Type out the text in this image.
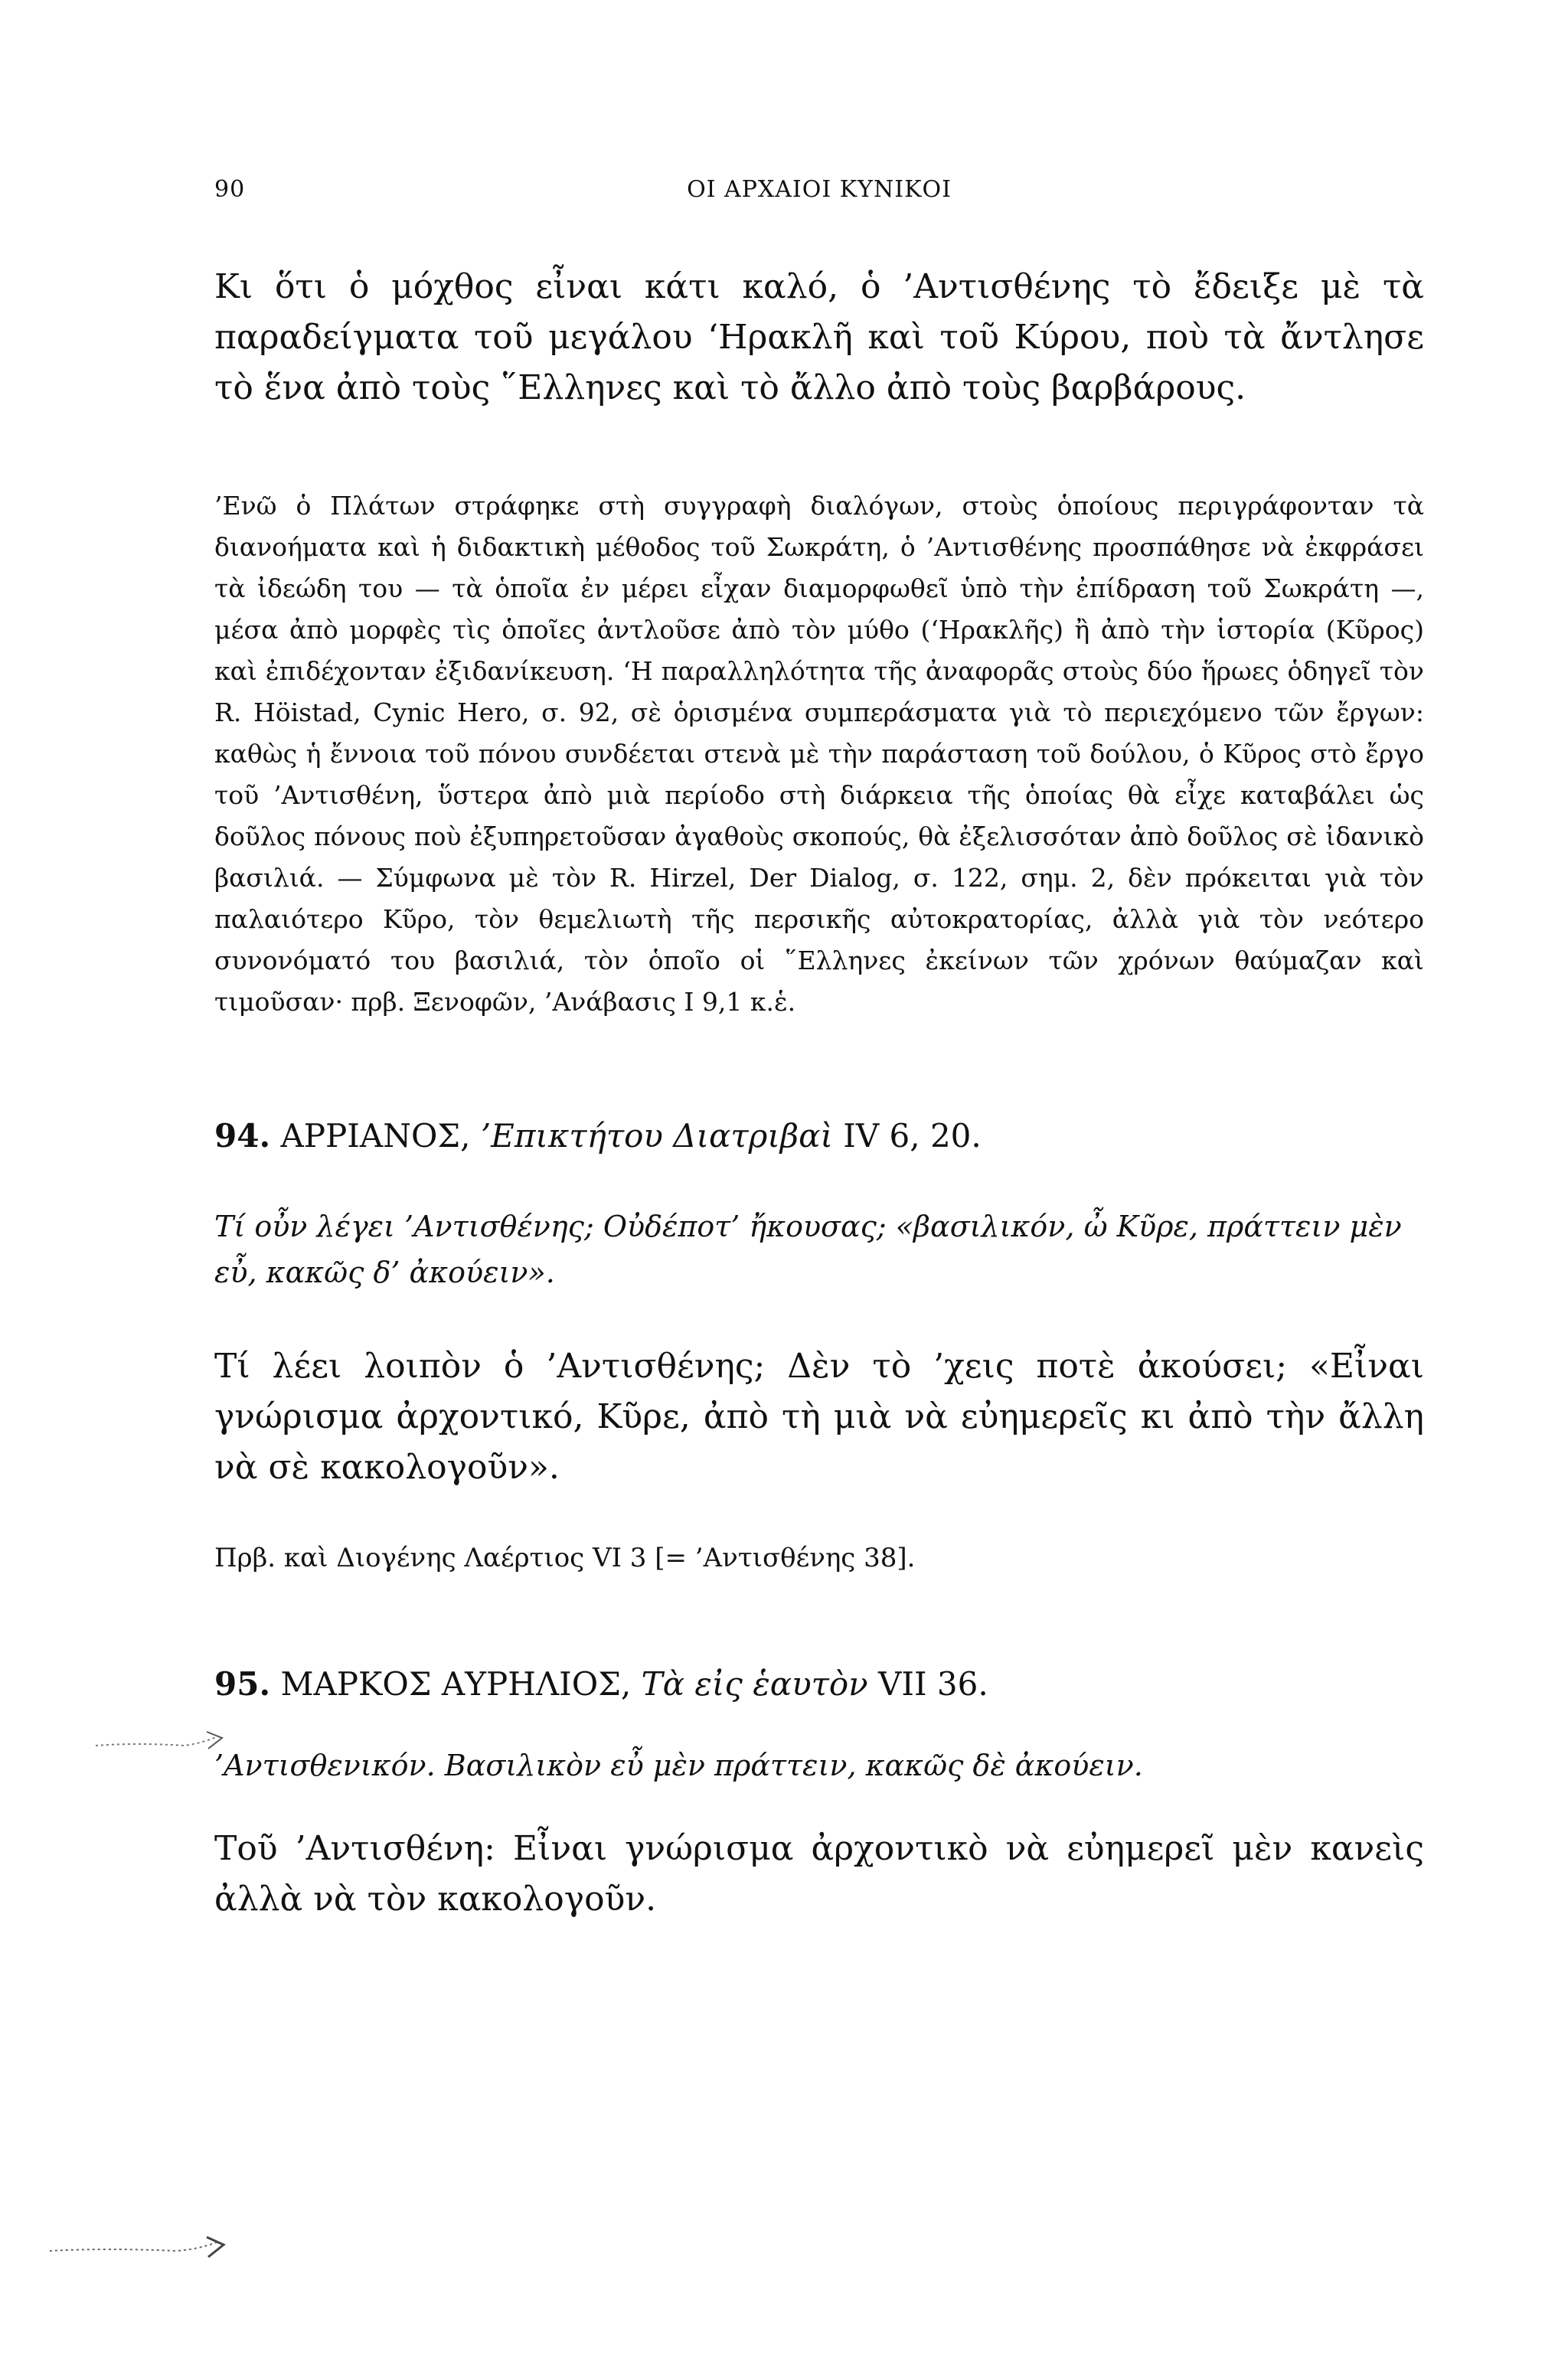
90	ΟΙ ΑΡΧΑΙΟΙ ΚΥΝΙΚΟΙ

Κι ὅτι ὁ μόχθος εἶναι κάτι καλό, ὁ ’Αντισθένης τὸ ἔδειξε μὲ τὰ παραδείγματα τοῦ μεγάλου ‘Ηρακλῆ καὶ τοῦ Κύρου, ποὺ τὰ ἄντλησε τὸ ἕνα ἀπὸ τοὺς ῞Ελληνες καὶ τὸ ἄλλο ἀπὸ τοὺς βαρβάρους.

’Ενῶ ὁ Πλάτων στράφηκε στὴ συγγραφὴ διαλόγων, στοὺς ὁποίους περιγράφονταν τὰ διανοήματα καὶ ἡ διδακτικὴ μέθοδος τοῦ Σωκράτη, ὁ ’Αντισθένης προσπάθησε νὰ ἐκφράσει τὰ ἰδεώδη του — τὰ ὁποῖα ἐν μέρει εἶχαν διαμορφωθεῖ ὑπὸ τὴν ἐπίδραση τοῦ Σωκράτη —, μέσα ἀπὸ μορφὲς τὶς ὁποῖες ἀντλοῦσε ἀπὸ τὸν μύθο (‘Ηρακλῆς) ἢ ἀπὸ τὴν ἱστορία (Κῦρος) καὶ ἐπιδέχονταν ἐξιδανίκευση. ‘Η παραλληλότητα τῆς ἀναφορᾶς στοὺς δύο ἥρωες ὁδηγεῖ τὸν R. Höistad, Cynic Hero, σ. 92, σὲ ὁρισμένα συμπεράσματα γιὰ τὸ περιεχόμενο τῶν ἔργων: καθὼς ἡ ἔννοια τοῦ πόνου συνδέεται στενὰ μὲ τὴν παράσταση τοῦ δούλου, ὁ Κῦρος στὸ ἔργο τοῦ ’Αντισθένη, ὕστερα ἀπὸ μιὰ περίοδο στὴ διάρκεια τῆς ὁποίας θὰ εἶχε καταβάλει ὡς δοῦλος πόνους ποὺ ἐξυπηρετοῦσαν ἀγαθοὺς σκοπούς, θὰ ἐξελισσόταν ἀπὸ δοῦλος σὲ ἰδανικὸ βασιλιά. — Σύμφωνα μὲ τὸν R. Hirzel, Der Dialog, σ. 122, σημ. 2, δὲν πρόκειται γιὰ τὸν παλαιότερο Κῦρο, τὸν θεμελιωτὴ τῆς περσικῆς αὐτοκρατορίας, ἀλλὰ γιὰ τὸν νεότερο συνονόματό του βασιλιά, τὸν ὁποῖο οἱ ῞Ελληνες ἐκείνων τῶν χρόνων θαύμαζαν καὶ τιμοῦσαν· πρβ. Ξενοφῶν, ’Ανάβασις Ι 9,1 κ.ἑ.

94. ΑΡΡΙΑΝΟΣ, ’Επικτήτου Διατριβαὶ IV 6, 20.

Τί οὖν λέγει ’Αντισθένης; Οὐδέποτ’ ἤκουσας; «βασιλικόν, ὦ Κῦρε, πράττειν μὲν εὖ, κακῶς δ’ ἀκούειν».

Τί λέει λοιπὸν ὁ ’Αντισθένης; Δὲν τὸ ’χεις ποτὲ ἀκούσει; «Εἶναι γνώρισμα ἀρχοντικό, Κῦρε, ἀπὸ τὴ μιὰ νὰ εὐημερεῖς κι ἀπὸ τὴν ἄλλη νὰ σὲ κακολογοῦν».

Πρβ. καὶ Διογένης Λαέρτιος VI 3 [= ’Αντισθένης 38].

95. ΜΑΡΚΟΣ ΑΥΡΗΛΙΟΣ, Τὰ εἰς ἑαυτὸν VII 36.

’Αντισθενικόν. Βασιλικὸν εὖ μὲν πράττειν, κακῶς δὲ ἀκούειν.

Τοῦ ’Αντισθένη: Εἶναι γνώρισμα ἀρχοντικὸ νὰ εὐημερεῖ μὲν κανεὶς ἀλλὰ νὰ τὸν κακολογοῦν.
